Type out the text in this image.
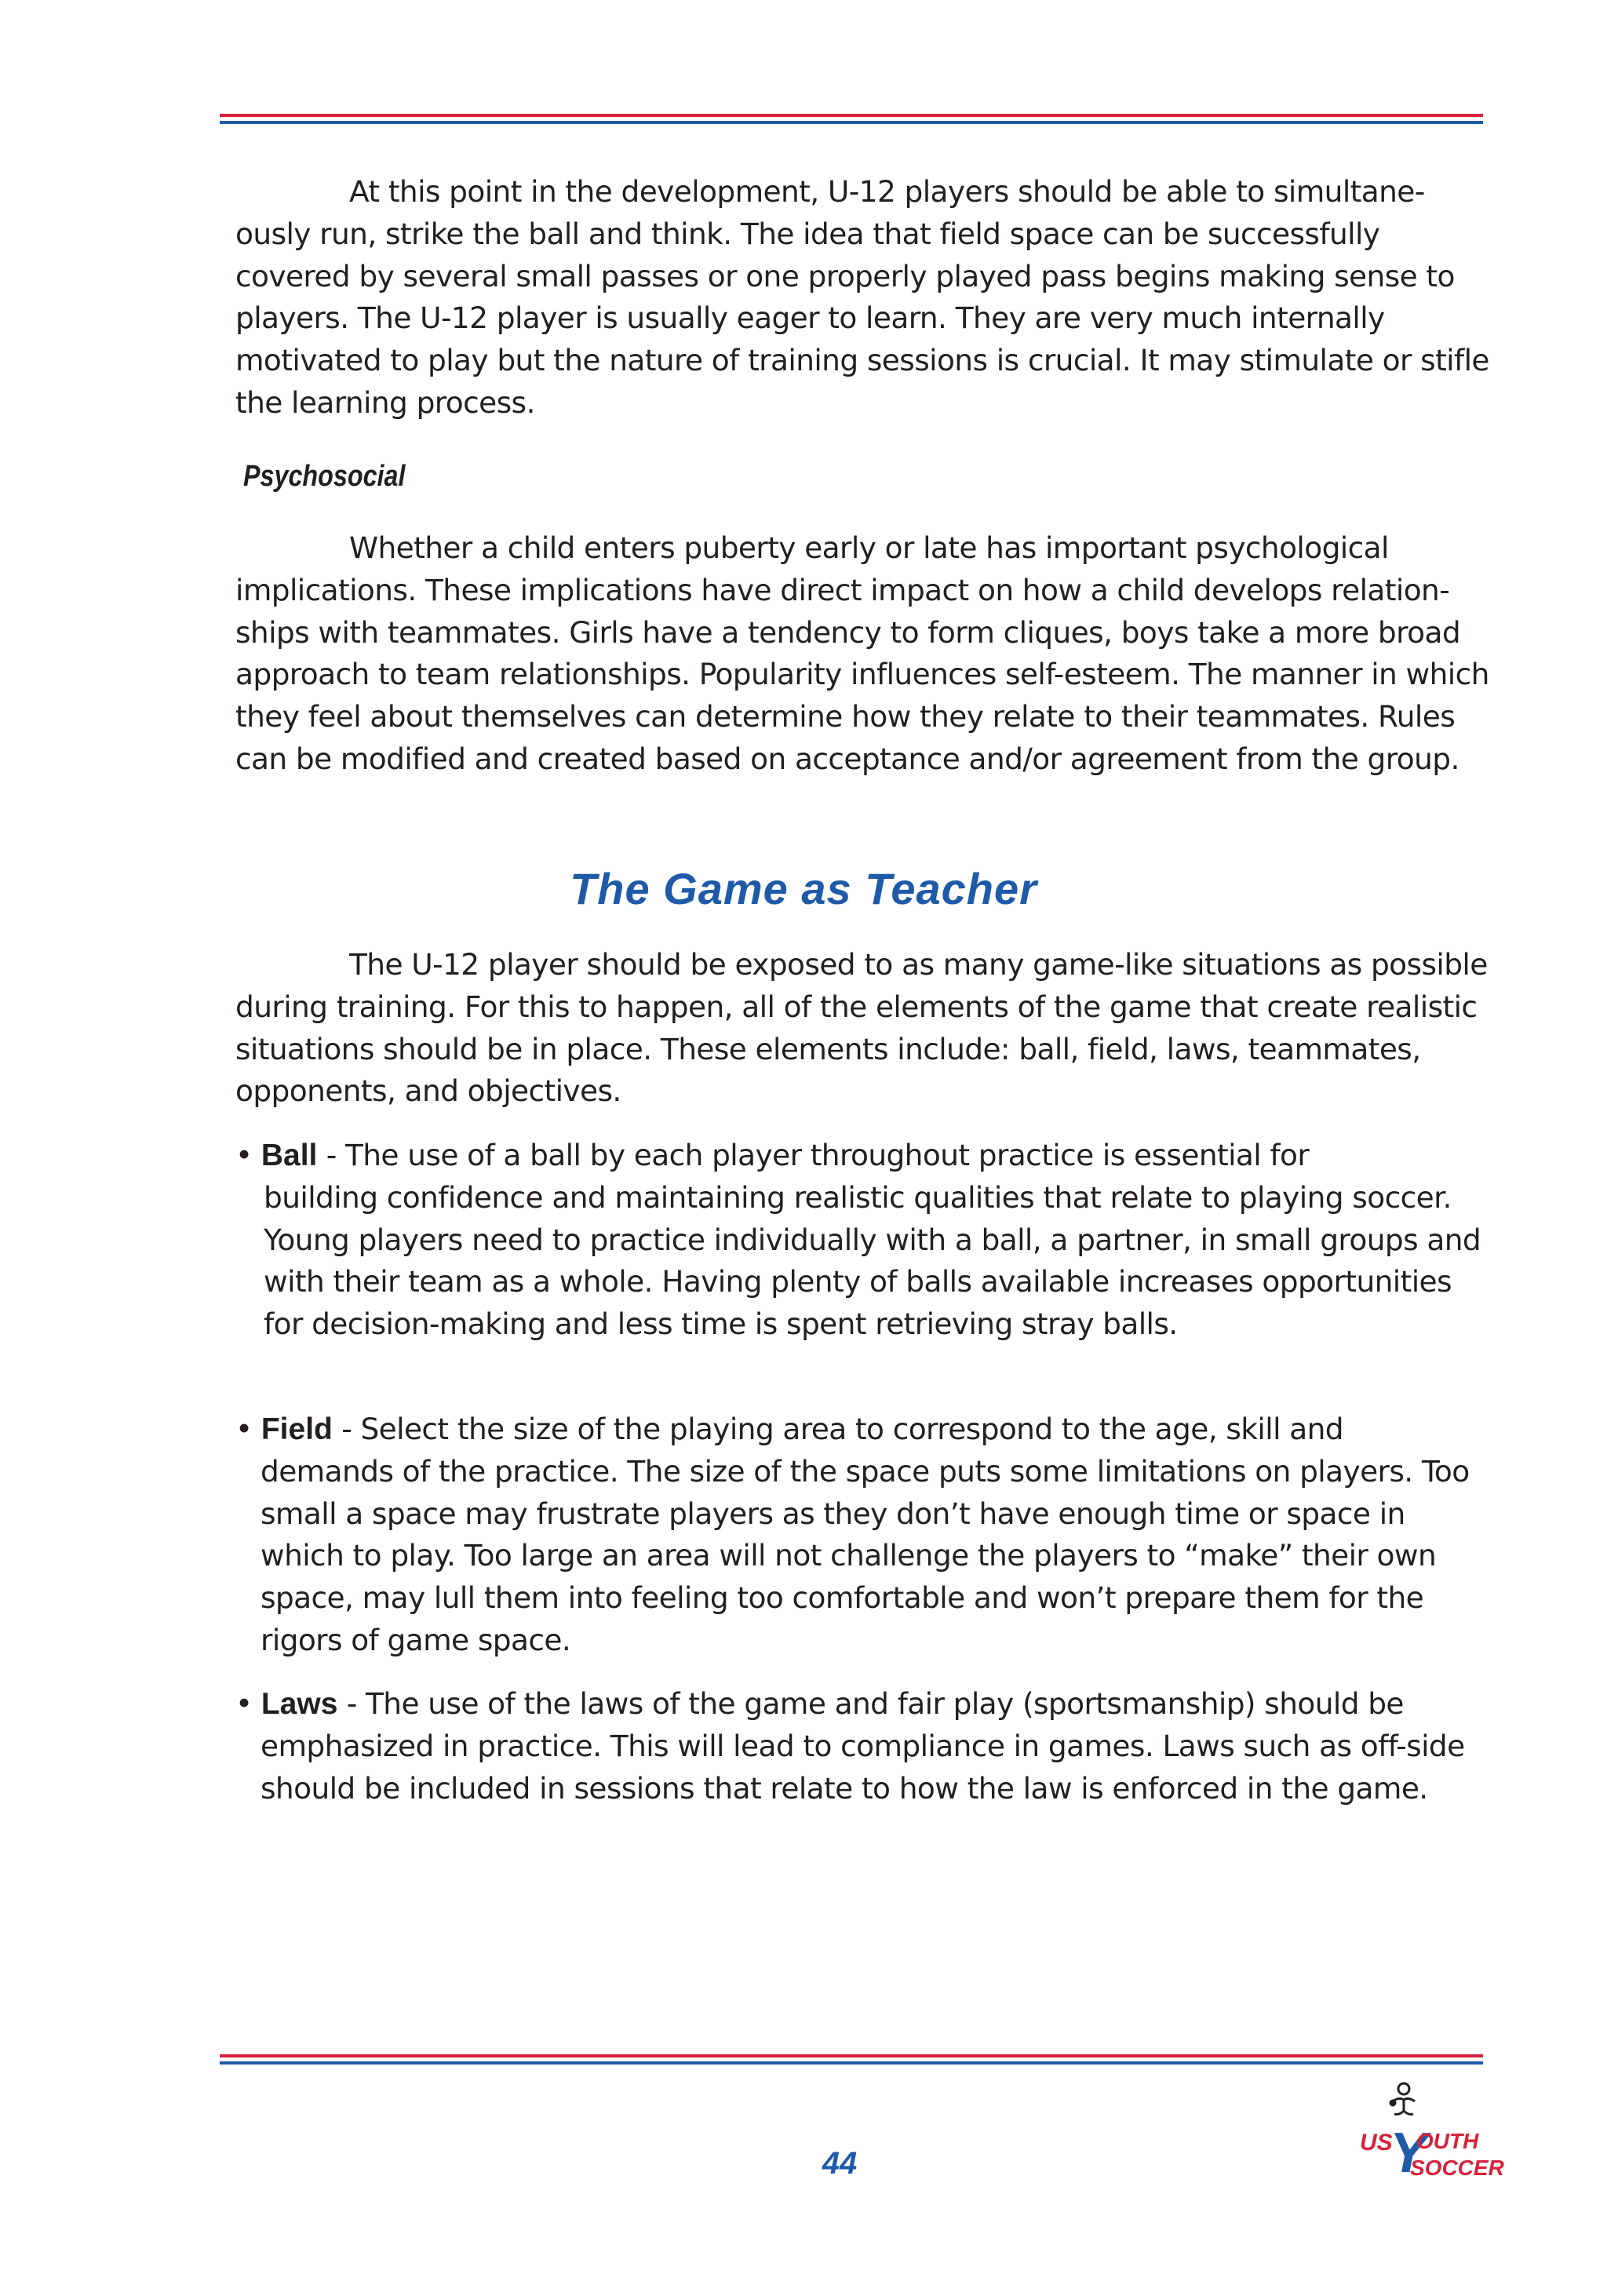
At this point in the development, U-12 players should be able to simultane-ously run, strike the ball and think. The idea that field space can be successfully covered by several small passes or one properly played pass begins making sense to players. The U-12 player is usually eager to learn. They are very much internally motivated to play but the nature of training sessions is crucial. It may stimulate or stifle the learning process.

Psychosocial

Whether a child enters puberty early or late has important psychological implications. These implications have direct impact on how a child develops relation-ships with teammates. Girls have a tendency to form cliques, boys take a more broad approach to team relationships. Popularity influences self-esteem. The manner in which they feel about themselves can determine how they relate to their teammates. Rules can be modified and created based on acceptance and/or agreement from the group.

The Game as Teacher

The U-12 player should be exposed to as many game-like situations as possible during training. For this to happen, all of the elements of the game that create realistic situations should be in place. These elements include: ball, field, laws, teammates, opponents, and objectives.

• Ball - The use of a ball by each player throughout practice is essential for
building confidence and maintaining realistic qualities that relate to playing soccer. Young players need to practice individually with a ball, a partner, in small groups and with their team as a whole. Having plenty of balls available increases opportunities for decision-making and less time is spent retrieving stray balls.
• Field - Select the size of the playing area to correspond to the age, skill and
demands of the practice. The size of the space puts some limitations on players. Too small a space may frustrate players as they don’t have enough time or space in which to play. Too large an area will not challenge the players to “make” their own space, may lull them into feeling too comfortable and won’t prepare them for the rigors of game space.
• Laws - The use of the laws of the game and fair play (sportsmanship) should be
emphasized in practice. This will lead to compliance in games. Laws such as off-side should be included in sessions that relate to how the law is enforced in the game.
44
US
Y
OUTH
SOCCER
